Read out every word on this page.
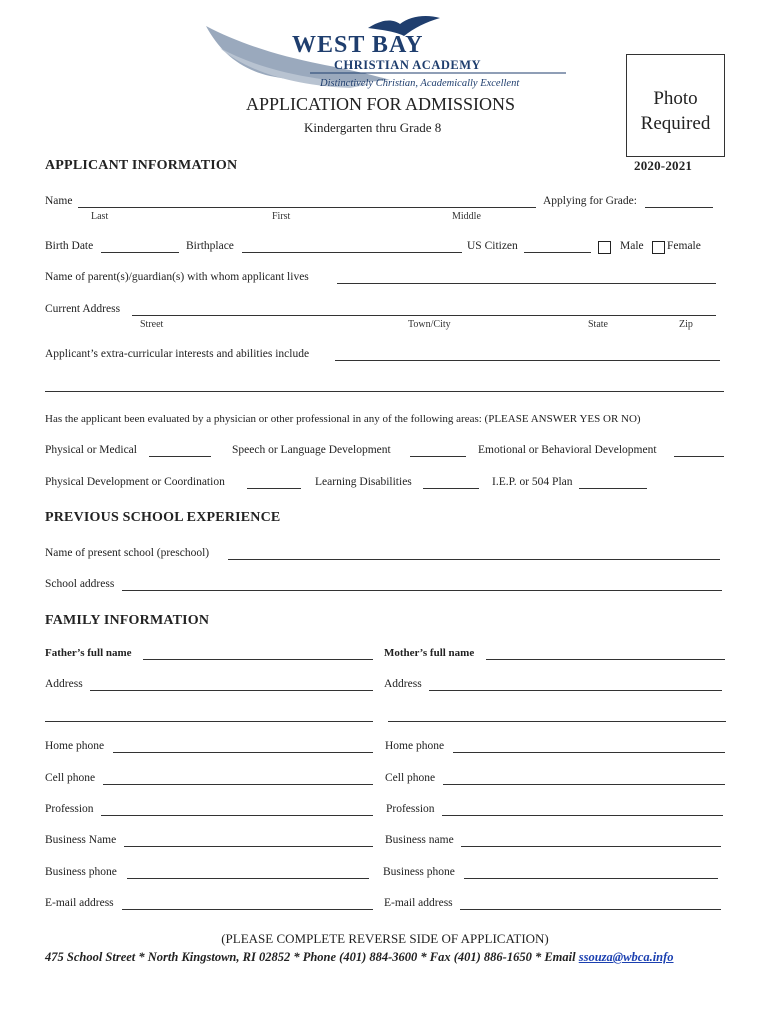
WEST BAY
CHRISTIAN ACADEMY
Distinctively Christian, Academically Excellent
Photo
Required
APPLICATION FOR ADMISSIONS
Kindergarten thru Grade 8
APPLICANT INFORMATION	2020-2021
Name	Applying for Grade:
Last	First	Middle
Birth Date	Birthplace	US Citizen	Male Female
Name of parent(s)/guardian(s) with whom applicant lives
Current Address
Street	Town/City	State	Zip
Applicant’s extra-curricular interests and abilities include
Has the applicant been evaluated by a physician or other professional in any of the following areas: (PLEASE ANSWER YES OR NO)
Physical or Medical	Speech or Language Development	Emotional or Behavioral Development
Physical Development or Coordination	Learning Disabilities	I.E.P. or 504 Plan
PREVIOUS SCHOOL EXPERIENCE
Name of present school (preschool)
School address
FAMILY INFORMATION
Father’s full name	Mother’s full name
Address	Address
Home phone	Home phone
Cell phone	Cell phone
Profession	Profession
Business Name	Business name
Business phone	Business phone
E-mail address	E-mail address
(PLEASE COMPLETE REVERSE SIDE OF APPLICATION)
475 School Street * North Kingstown, RI 02852 * Phone (401) 884-3600 * Fax (401) 886-1650 * Email ssouza@wbca.info
